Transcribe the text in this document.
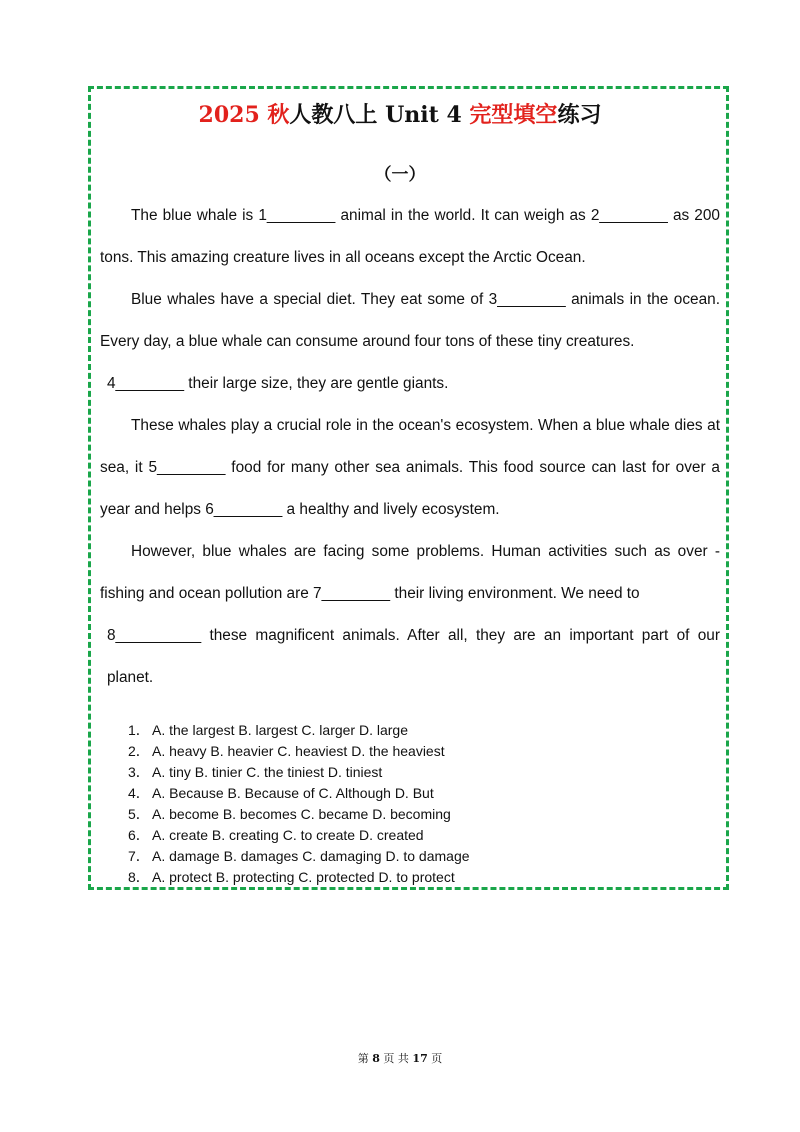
2025 秋人教八上 Unit 4 完型填空练习
（一）

The blue whale is 1________ animal in the world. It can weigh as 2________ as 200 tons. This amazing creature lives in all oceans except the Arctic Ocean.

Blue whales have a special diet. They eat some of 3________ animals in the ocean. Every day, a blue whale can consume around four tons of these tiny creatures.

4________ their large size, they are gentle giants.

These whales play a crucial role in the ocean's ecosystem. When a blue whale dies at sea, it 5________ food for many other sea animals. This food source can last for over a year and helps 6________ a healthy and lively ecosystem.

However, blue whales are facing some problems. Human activities such as over - fishing and ocean pollution are 7________ their living environment. We need to

8__________ these magnificent animals. After all, they are an important part of our planet.

1． A. the largest B. largest C. larger D. large
2． A. heavy B. heavier C. heaviest D. the heaviest
3． A. tiny B. tinier C. the tiniest D. tiniest
4． A. Because B. Because of C. Although D. But
5． A. become B. becomes C. became D. becoming
6． A. create B. creating C. to create D. created
7． A. damage B. damages C. damaging D. to damage
8． A. protect B. protecting C. protected D. to protect
第 8 页 共 17 页
